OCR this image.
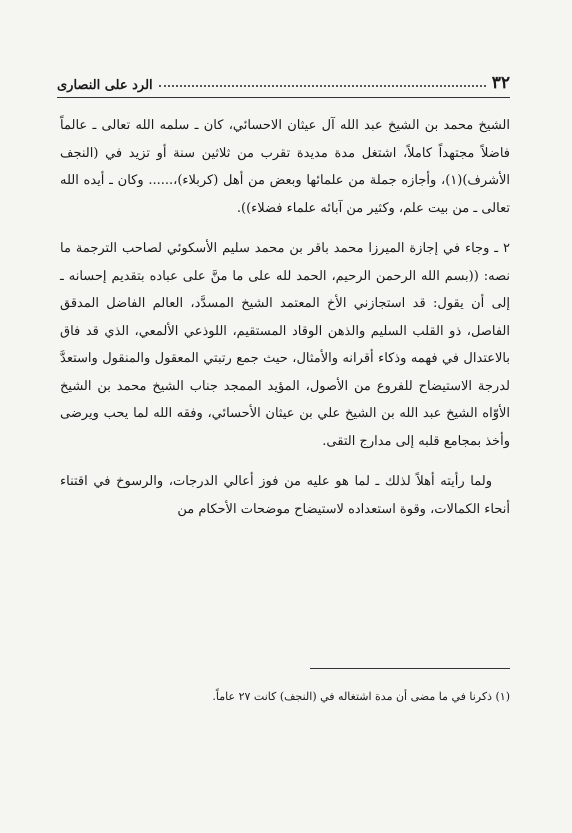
٣٢
الرد على النصارى

الشيخ محمد بن الشيخ عبد الله آل عيثان الاحسائي، كان ـ سلمه الله تعالى ـ عالماً فاضلاً مجتهداً كاملاً، اشتغل مدة مديدة تقرب من ثلاثين سنة أو تزيد في (النجف الأشرف)(١)، وأجازه جملة من علمائها وبعض من أهل (كربلاء)،...... وكان ـ أيده الله تعالى ـ من بيت علم، وكثير من آبائه علماء فضلاء)).

٢ ـ وجاء في إجازة الميرزا محمد باقر بن محمد سليم الأسكوئي لصاحب الترجمة ما نصه: ((بسم الله الرحمن الرحيم، الحمد لله على ما منَّ على عباده بتقديم إحسانه ـ إلى أن يقول: قد استجازني الأخ المعتمد الشيخ المسدَّد، العالم الفاضل المدقق الفاصل، ذو القلب السليم والذهن الوقاد المستقيم، اللوذعي الألمعي، الذي قد فاق بالاعتدال في فهمه وذكاء أقرانه والأمثال، حيث جمع رتبتي المعقول والمنقول واستعدَّ لدرجة الاستيضاح للفروع من الأصول، المؤيد الممجد جناب الشيخ محمد بن الشيخ الأوّاه الشيخ عبد الله بن الشيخ علي بن عيثان الأحسائي، وفقه الله لما يحب ويرضى وأخذ بمجامع قلبه إلى مدارج التقى.

ولما رأيته أهلاً لذلك ـ لما هو عليه من فوز أعالي الدرجات، والرسوخ في اقتناء أنحاء الكمالات، وقوة استعداده لاستيضاح موضحات الأحكام من

(١) ذكرنا في ما مضى أن مدة اشتغاله في (النجف) كانت ٢٧ عاماً.
